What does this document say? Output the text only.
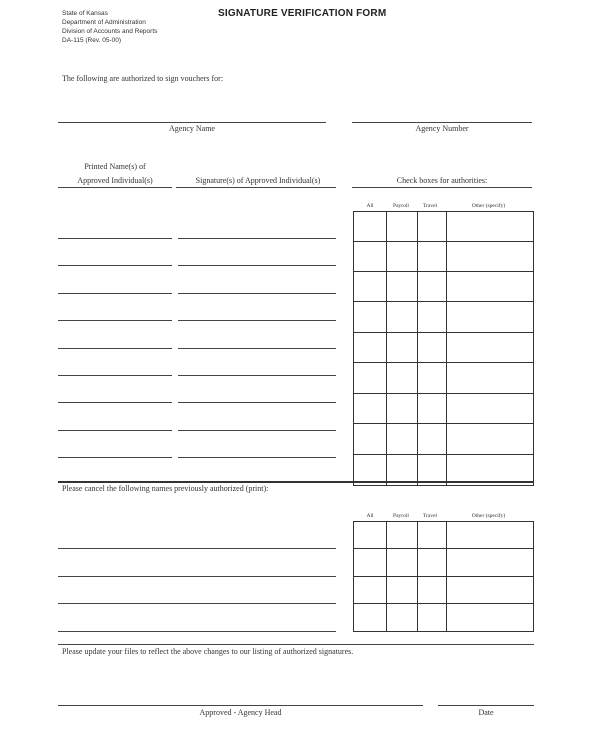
State of Kansas
Department of Administration
Division of Accounts and Reports
DA-115 (Rev. 05-00)
SIGNATURE VERIFICATION FORM
The following are authorized to sign vouchers for:
Agency Name	Agency Number
Printed Name(s) of
Approved Individual(s)	Signature(s) of Approved Individual(s)	Check boxes for authorities:
All	Payroll	Travel	Other (specify)

Please cancel the following names previously authorized (print):
All	Payroll	Travel	Other (specify)

Please update your files to reflect the above changes to our listing of authorized signatures.
Approved - Agency Head	Date
